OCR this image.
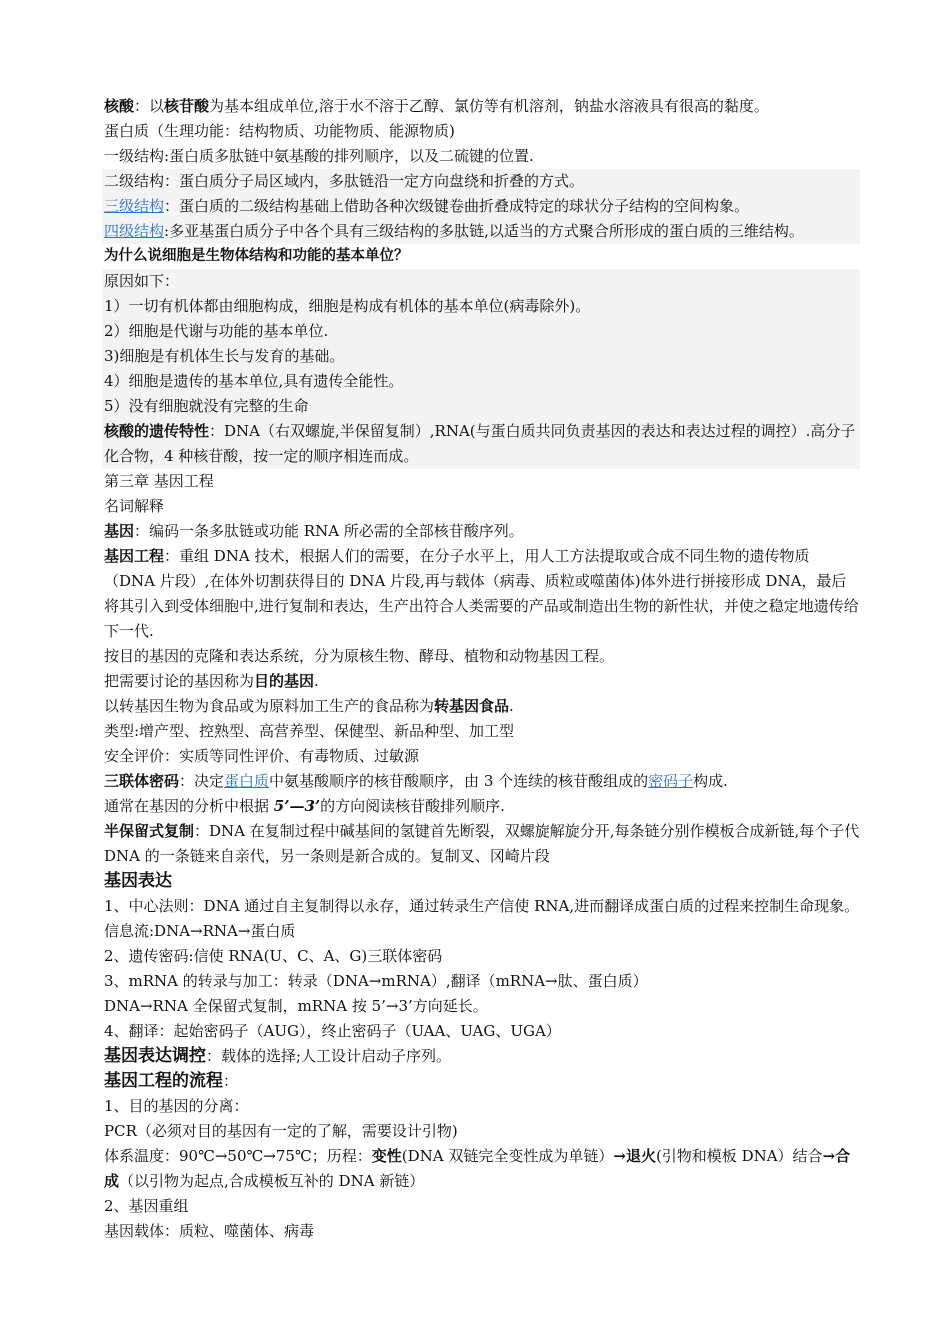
核酸：以核苷酸为基本组成单位,溶于水不溶于乙醇、氯仿等有机溶剂，钠盐水溶液具有很高的黏度。

蛋白质（生理功能：结构物质、功能物质、能源物质)

一级结构:蛋白质多肽链中氨基酸的排列顺序，以及二硫键的位置.

二级结构：蛋白质分子局区域内，多肽链沿一定方向盘绕和折叠的方式。

三级结构：蛋白质的二级结构基础上借助各种次级键卷曲折叠成特定的球状分子结构的空间构象。

四级结构:多亚基蛋白质分子中各个具有三级结构的多肽链,以适当的方式聚合所形成的蛋白质的三维结构。

为什么说细胞是生物体结构和功能的基本单位？

原因如下：

1）一切有机体都由细胞构成，细胞是构成有机体的基本单位(病毒除外)。

2）细胞是代谢与功能的基本单位.

3)细胞是有机体生长与发育的基础。

4）细胞是遗传的基本单位,具有遗传全能性。

5）没有细胞就没有完整的生命

核酸的遗传特性：DNA（右双螺旋,半保留复制）,RNA(与蛋白质共同负责基因的表达和表达过程的调控）.高分子化合物，4 种核苷酸，按一定的顺序相连而成。

第三章 基因工程

名词解释

基因：编码一条多肽链或功能 RNA 所必需的全部核苷酸序列。

基因工程：重组 DNA 技术，根据人们的需要，在分子水平上，用人工方法提取或合成不同生物的遗传物质（DNA 片段）,在体外切割获得目的 DNA 片段,再与载体（病毒、质粒或噬菌体)体外进行拼接形成 DNA，最后将其引入到受体细胞中,进行复制和表达，生产出符合人类需要的产品或制造出生物的新性状，并使之稳定地遗传给下一代.

按目的基因的克隆和表达系统，分为原核生物、酵母、植物和动物基因工程。

把需要讨论的基因称为目的基因.

以转基因生物为食品或为原料加工生产的食品称为转基因食品.

类型:增产型、控熟型、高营养型、保健型、新品种型、加工型

安全评价：实质等同性评价、有毒物质、过敏源

三联体密码：决定蛋白质中氨基酸顺序的核苷酸顺序，由 3 个连续的核苷酸组成的密码子构成.

通常在基因的分析中根据 5’—3’的方向阅读核苷酸排列顺序.

半保留式复制：DNA 在复制过程中碱基间的氢键首先断裂，双螺旋解旋分开,每条链分别作模板合成新链,每个子代 DNA 的一条链来自亲代，另一条则是新合成的。复制叉、冈崎片段

基因表达

1、中心法则：DNA 通过自主复制得以永存，通过转录生产信使 RNA,进而翻译成蛋白质的过程来控制生命现象。信息流:DNA→RNA→蛋白质

2、遗传密码:信使 RNA(U、C、A、G)三联体密码

3、mRNA 的转录与加工：转录（DNA→mRNA）,翻译（mRNA→肽、蛋白质）

DNA→RNA 全保留式复制，mRNA 按 5’→3’方向延长。

4、翻译：起始密码子（AUG），终止密码子（UAA、UAG、UGA）

基因表达调控：载体的选择;人工设计启动子序列。

基因工程的流程：

1、目的基因的分离：

PCR（必须对目的基因有一定的了解，需要设计引物)

体系温度：90℃→50℃→75℃；历程：变性(DNA 双链完全变性成为单链）→退火(引物和模板 DNA）结合→合成（以引物为起点,合成模板互补的 DNA 新链）

2、基因重组

基因载体：质粒、噬菌体、病毒
